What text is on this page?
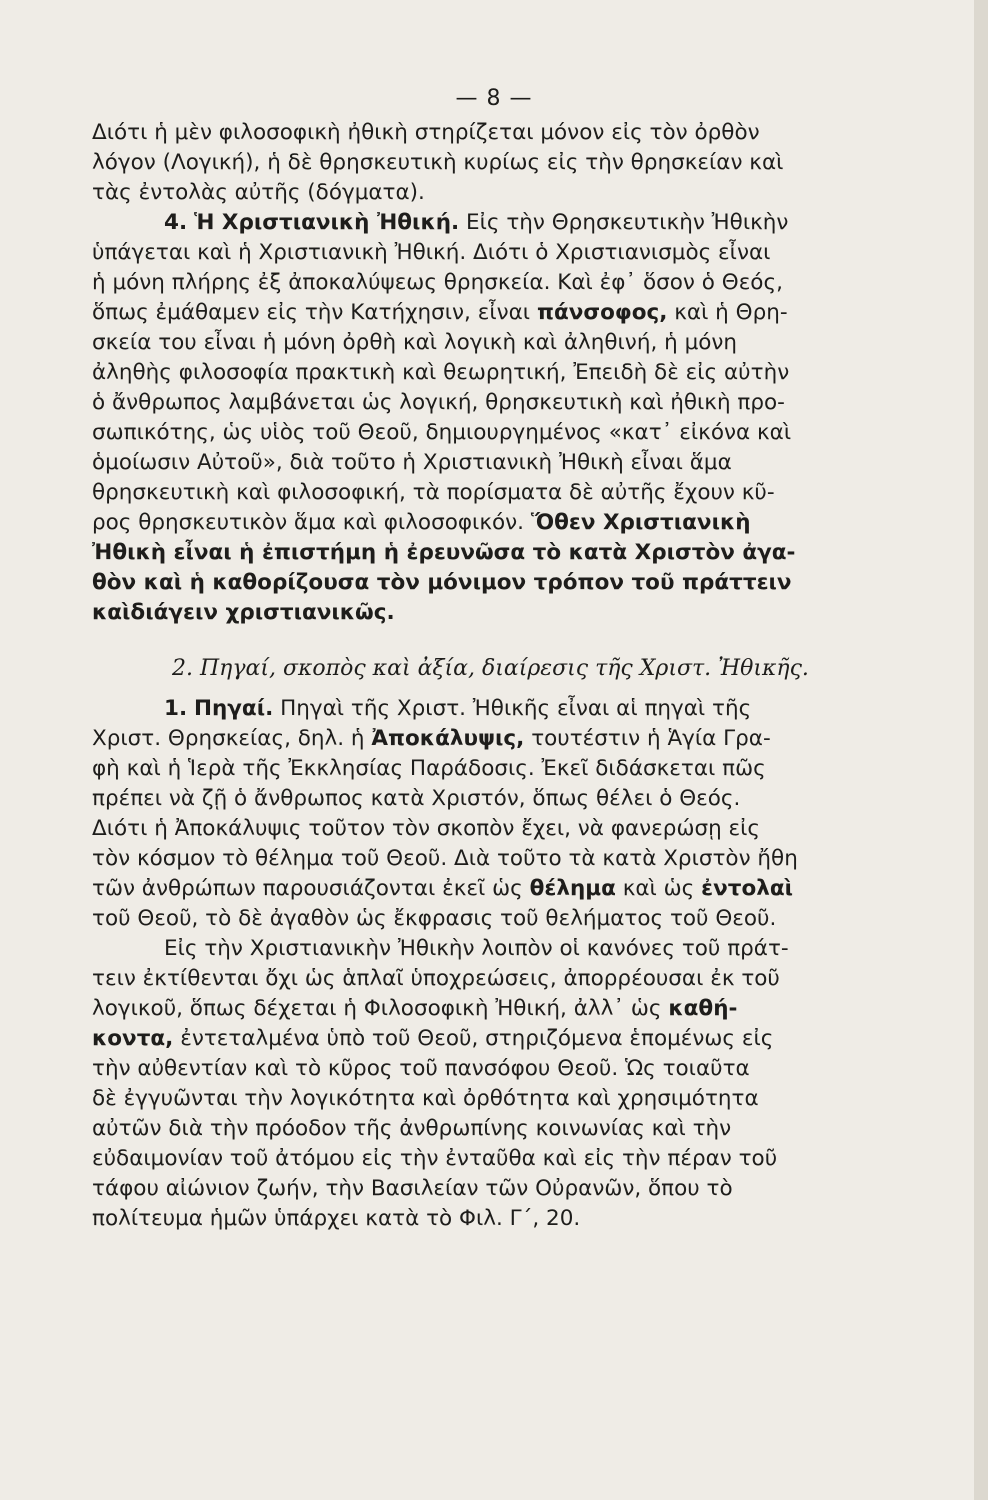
— 8 —
Διότι ἡ μὲν φιλοσοφικὴ ἠθικὴ στηρίζεται μόνον εἰς τὸν ὀρθὸν
λόγον (Λογική), ἡ δὲ θρησκευτικὴ κυρίως εἰς τὴν θρησκείαν καὶ
τὰς ἐντολὰς αὐτῆς (δόγματα).
4. Ἡ Χριστιανικὴ Ἠθική. Εἰς τὴν Θρησκευτικὴν Ἠθικὴν
ὑπάγεται καὶ ἡ Χριστιανικὴ Ἠθική. Διότι ὁ Χριστιανισμὸς εἶναι
ἡ μόνη πλήρης ἐξ ἀποκαλύψεως θρησκεία. Καὶ ἐφ᾽ ὅσον ὁ Θεός,
ὅπως ἐμάθαμεν εἰς τὴν Κατήχησιν, εἶναι πάνσοφος, καὶ ἡ Θρη-
σκεία του εἶναι ἡ μόνη ὀρθὴ καὶ λογικὴ καὶ ἀληθινή, ἡ μόνη
ἀληθὴς φιλοσοφία πρακτικὴ καὶ θεωρητική, Ἐπειδὴ δὲ εἰς αὐτὴν
ὁ ἄνθρωπος λαμβάνεται ὡς λογική, θρησκευτικὴ καὶ ἠθικὴ προ-
σωπικότης, ὡς υἱὸς τοῦ Θεοῦ, δημιουργημένος «κατ᾽ εἰκόνα καὶ
ὁμοίωσιν Αὐτοῦ», διὰ τοῦτο ἡ Χριστιανικὴ Ἠθικὴ εἶναι ἅμα
θρησκευτικὴ καὶ φιλοσοφική, τὰ πορίσματα δὲ αὐτῆς ἔχουν κῦ-
ρος θρησκευτικὸν ἅμα καὶ φιλοσοφικόν. Ὅθεν Χριστιανικὴ
Ἠθικὴ εἶναι ἡ ἐπιστήμη ἡ ἐρευνῶσα τὸ κατὰ Χριστὸν ἀγα-
θὸν καὶ ἡ καθορίζουσα τὸν μόνιμον τρόπον τοῦ πράττειν
καὶδιάγειν χριστιανικῶς.
2. Πηγαί, σκοπὸς καὶ ἀξία, διαίρεσις τῆς Χριστ. Ἠθικῆς.
1. Πηγαί. Πηγαὶ τῆς Χριστ. Ἠθικῆς εἶναι αἱ πηγαὶ τῆς
Χριστ. Θρησκείας, δηλ. ἡ Ἀποκάλυψις, τουτέστιν ἡ Ἁγία Γρα-
φὴ καὶ ἡ Ἱερὰ τῆς Ἐκκλησίας Παράδοσις. Ἐκεῖ διδάσκεται πῶς
πρέπει νὰ ζῇ ὁ ἄνθρωπος κατὰ Χριστόν, ὅπως θέλει ὁ Θεός.
Διότι ἡ Ἀποκάλυψις τοῦτον τὸν σκοπὸν ἔχει, νὰ φανερώσῃ εἰς
τὸν κόσμον τὸ θέλημα τοῦ Θεοῦ. Διὰ τοῦτο τὰ κατὰ Χριστὸν ἤθη
τῶν ἀνθρώπων παρουσιάζονται ἐκεῖ ὡς θέλημα καὶ ὡς ἐντολαὶ
τοῦ Θεοῦ, τὸ δὲ ἀγαθὸν ὡς ἔκφρασις τοῦ θελήματος τοῦ Θεοῦ.
Εἰς τὴν Χριστιανικὴν Ἠθικὴν λοιπὸν οἱ κανόνες τοῦ πράτ-
τειν ἐκτίθενται ὄχι ὡς ἁπλαῖ ὑποχρεώσεις, ἀπορρέουσαι ἐκ τοῦ
λογικοῦ, ὅπως δέχεται ἡ Φιλοσοφικὴ Ἠθική, ἀλλ᾽ ὡς καθή-
κοντα, ἐντεταλμένα ὑπὸ τοῦ Θεοῦ, στηριζόμενα ἑπομένως εἰς
τὴν αὐθεντίαν καὶ τὸ κῦρος τοῦ πανσόφου Θεοῦ. Ὡς τοιαῦτα
δὲ ἐγγυῶνται τὴν λογικότητα καὶ ὀρθότητα καὶ χρησιμότητα
αὐτῶν διὰ τὴν πρόοδον τῆς ἀνθρωπίνης κοινωνίας καὶ τὴν
εὐδαιμονίαν τοῦ ἀτόμου εἰς τὴν ἐνταῦθα καὶ εἰς τὴν πέραν τοῦ
τάφου αἰώνιον ζωήν, τὴν Βασιλείαν τῶν Οὐρανῶν, ὅπου τὸ
πολίτευμα ἡμῶν ὑπάρχει κατὰ τὸ Φιλ. Γ΄, 20.
